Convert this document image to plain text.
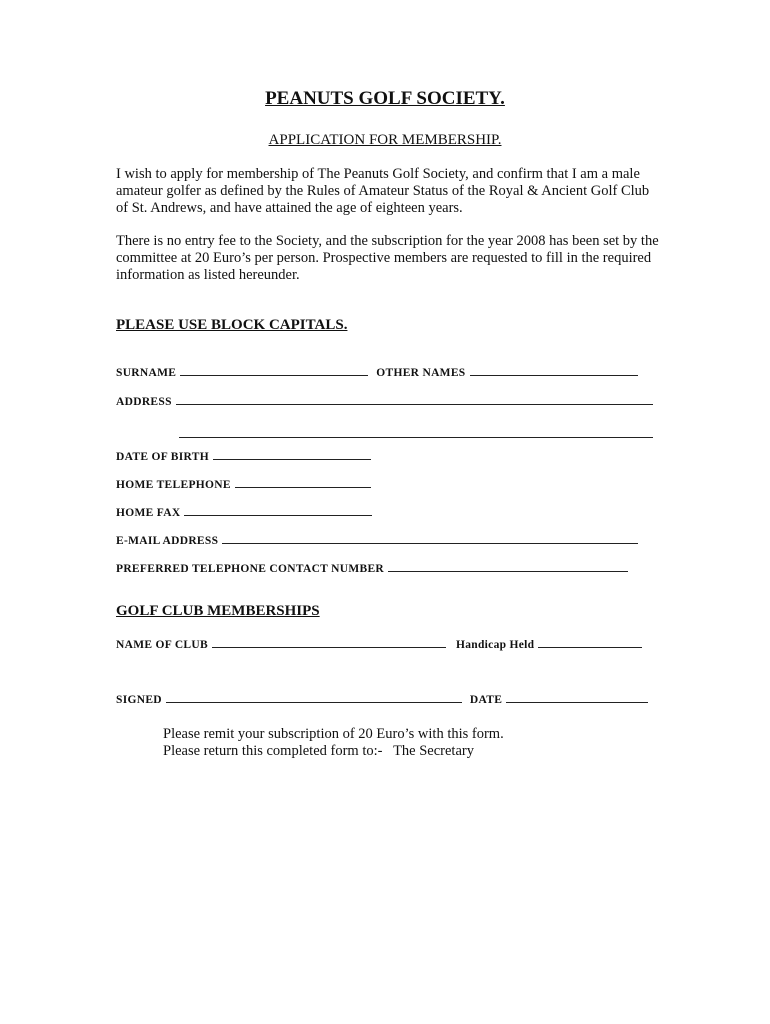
PEANUTS GOLF SOCIETY.
APPLICATION FOR MEMBERSHIP.
I wish to apply for membership of The Peanuts Golf Society, and confirm that I am a male amateur golfer as defined by the Rules of Amateur Status of the Royal & Ancient Golf Club of St. Andrews, and have attained the age of eighteen years.
There is no entry fee to the Society, and the subscription for the year 2008 has been set by the committee at 20 Euro’s per person. Prospective members are requested to fill in the required information as listed hereunder.
PLEASE USE BLOCK CAPITALS.
SURNAME	OTHER NAMES
ADDRESS
DATE OF BIRTH
HOME TELEPHONE
HOME FAX
E-MAIL ADDRESS
PREFERRED TELEPHONE CONTACT NUMBER
GOLF CLUB MEMBERSHIPS
NAME OF CLUB	Handicap Held
SIGNED	DATE
Please remit your subscription of 20 Euro’s with this form.
Please return this completed form to:-   The Secretary
